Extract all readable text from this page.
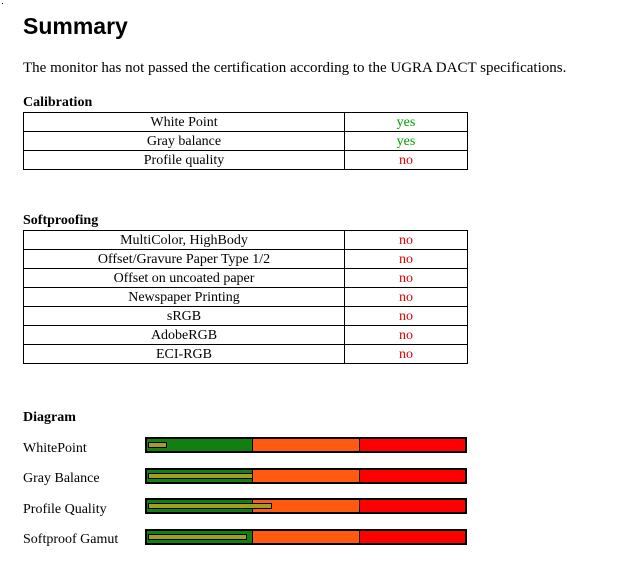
Summary

The monitor has not passed the certification according to the UGRA DACT specifications.

Calibration
White Point	yes
Gray balance	yes
Profile quality	no
Softproofing
MultiColor, HighBody	no
Offset/Gravure Paper Type 1/2	no
Offset on uncoated paper	no
Newspaper Printing	no
sRGB	no
AdobeRGB	no
ECI-RGB	no
Diagram
WhitePoint
Gray Balance
Profile Quality
Softproof Gamut
